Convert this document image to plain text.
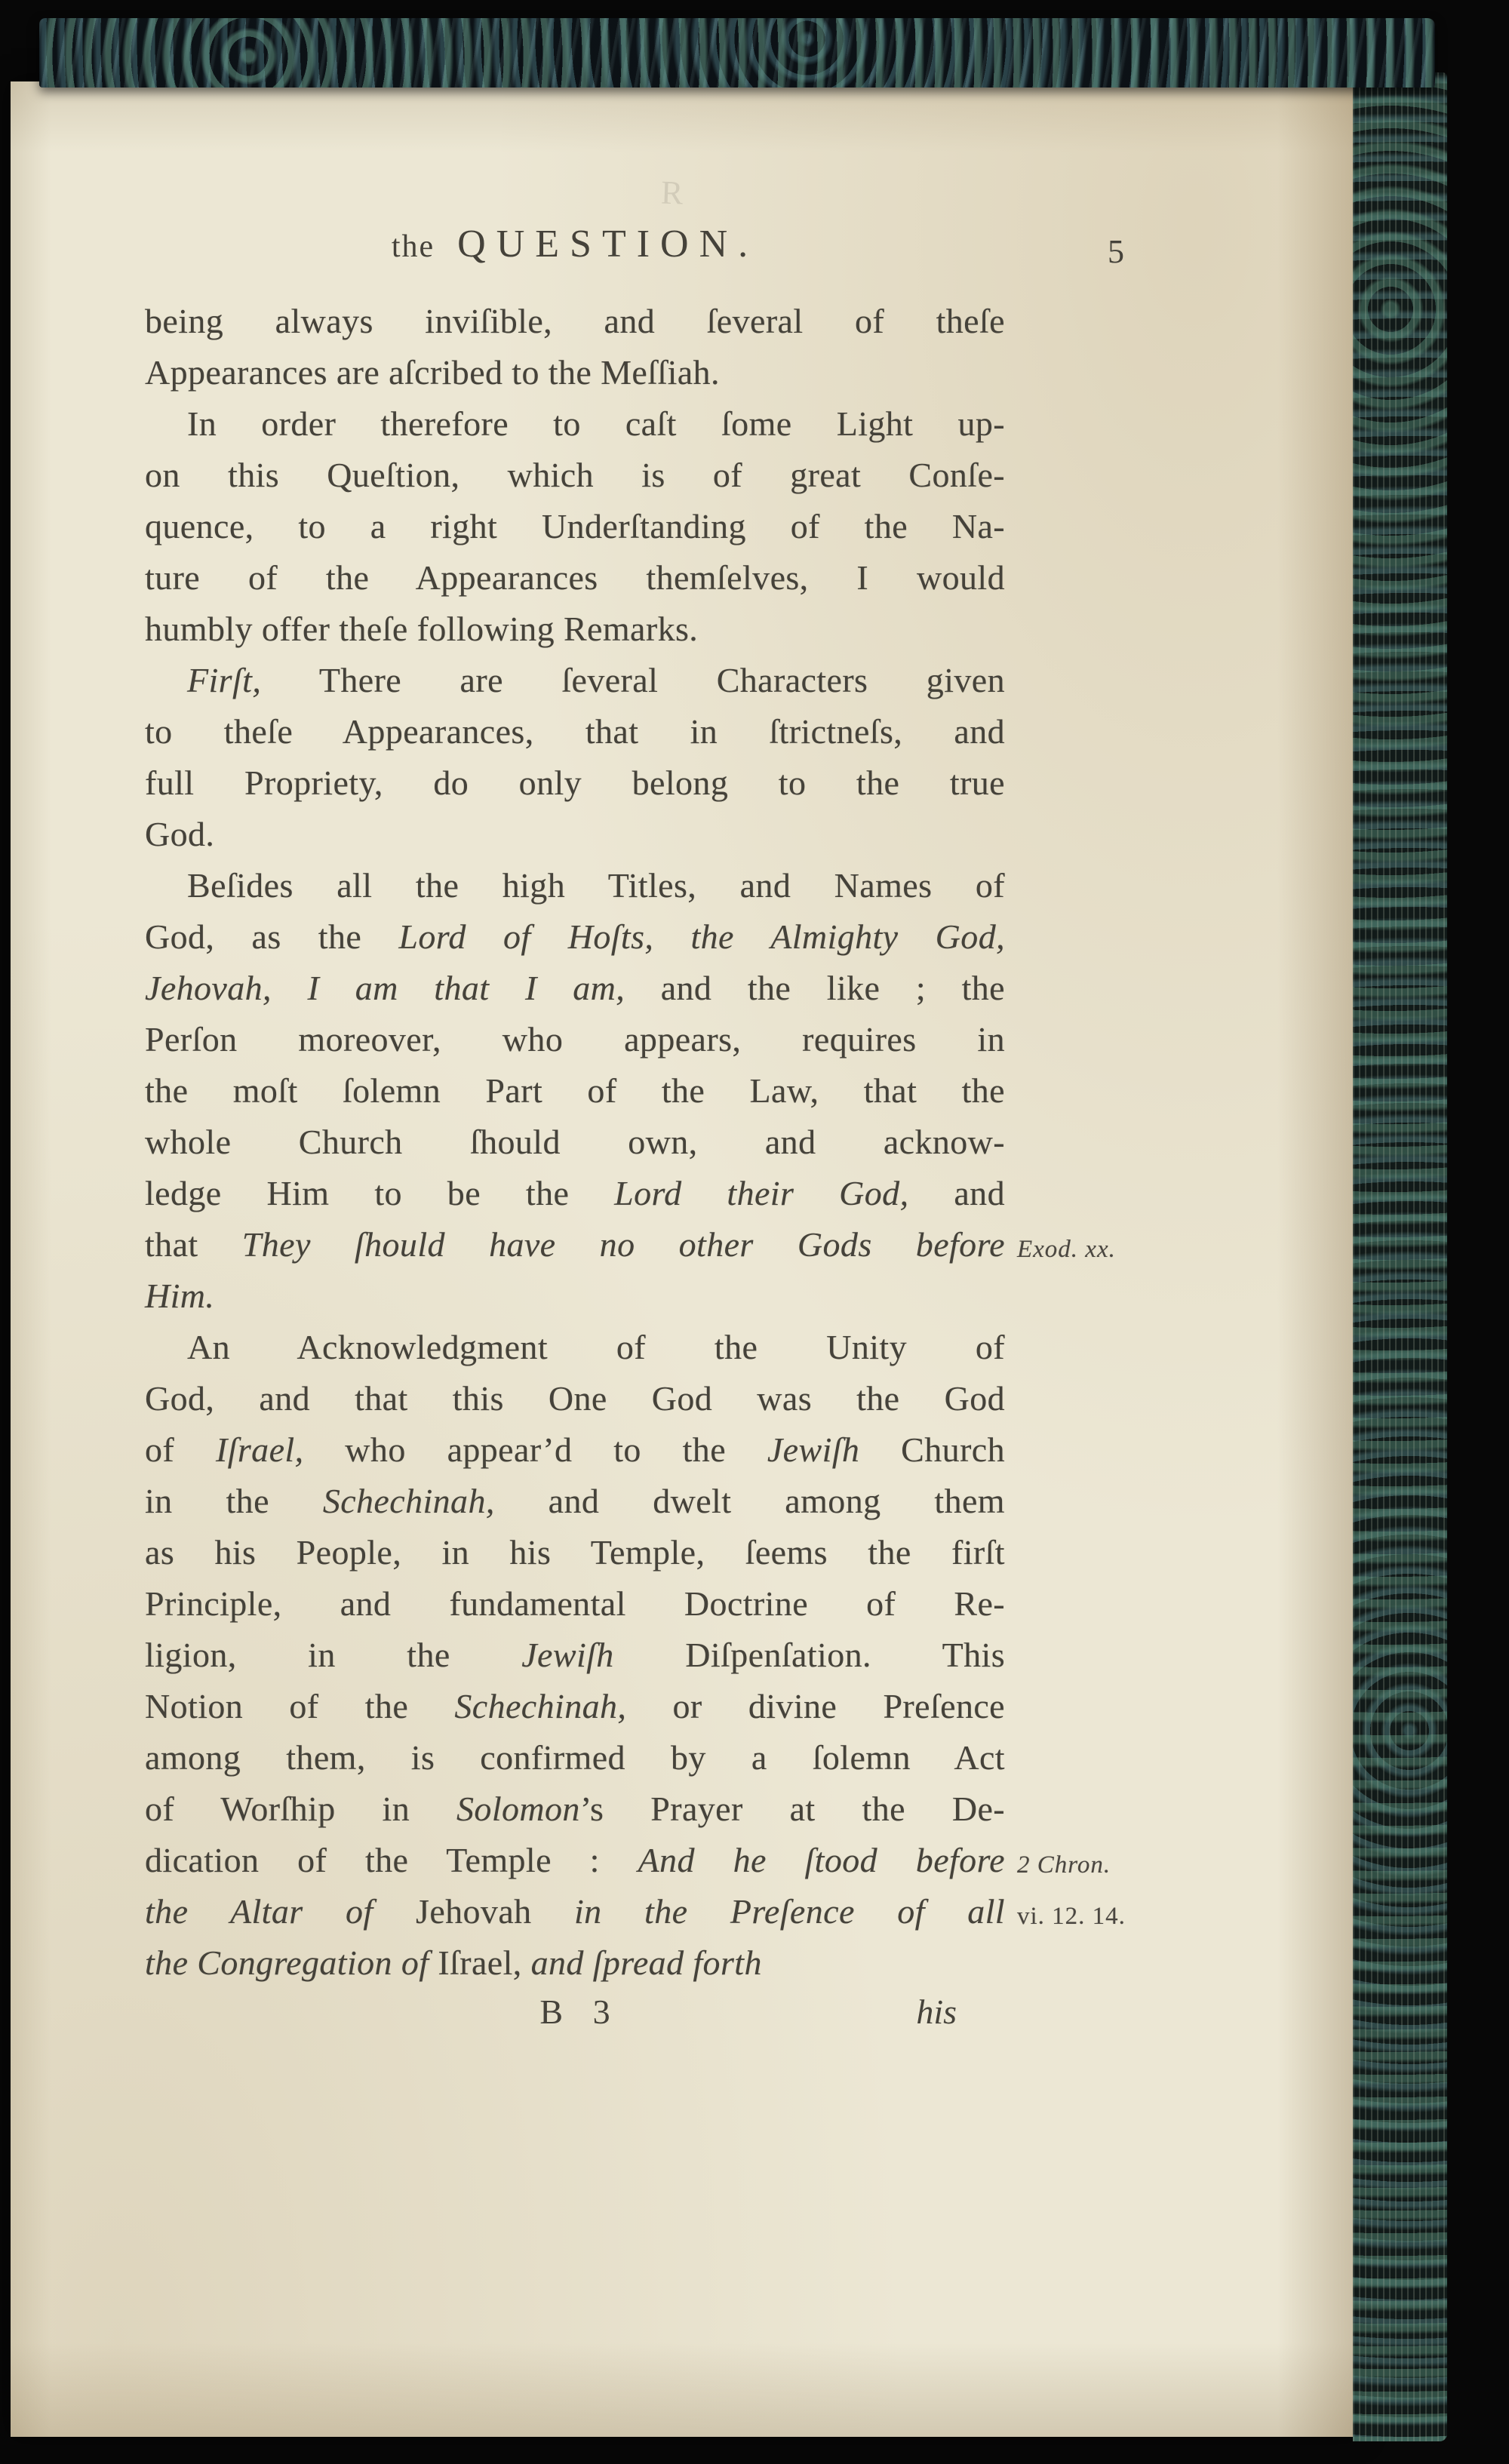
R
the QUESTION.	5
being always inviſible, and ſeveral of theſe
Appearances are aſcribed to the Meſſiah.
In order therefore to caſt ſome Light up-
on this Queſtion, which is of great Conſe-
quence, to a right Underſtanding of the Na-
ture of the Appearances themſelves, I would
humbly offer theſe following Remarks.
Firſt, There are ſeveral Characters given
to theſe Appearances, that in ſtrictneſs, and
full Propriety, do only belong to the true
God.
Beſides all the high Titles, and Names of
God, as the Lord of Hoſts, the Almighty God,
Jehovah, I am that I am, and the like ; the
Perſon moreover, who appears, requires in
the moſt ſolemn Part of the Law, that the
whole Church ſhould own, and acknow-
ledge Him to be the Lord their God, and
that They ſhould have no other Gods before Exod. xx.
Him.
An Acknowledgment of the Unity of
God, and that this One God was the God
of Iſrael, who appear’d to the Jewiſh Church
in the Schechinah, and dwelt among them
as his People, in his Temple, ſeems the firſt
Principle, and fundamental Doctrine of Re-
ligion, in the Jewiſh Diſpenſation. This
Notion of the Schechinah, or divine Preſence
among them, is confirmed by a ſolemn Act
of Worſhip in Solomon’s Prayer at the De-
dication of the Temple : And he ſtood before 2 Chron.
the Altar of Jehovah in the Preſence of all vi. 12. 14.
the Congregation of Iſrael, and ſpread forth
B 3	his
